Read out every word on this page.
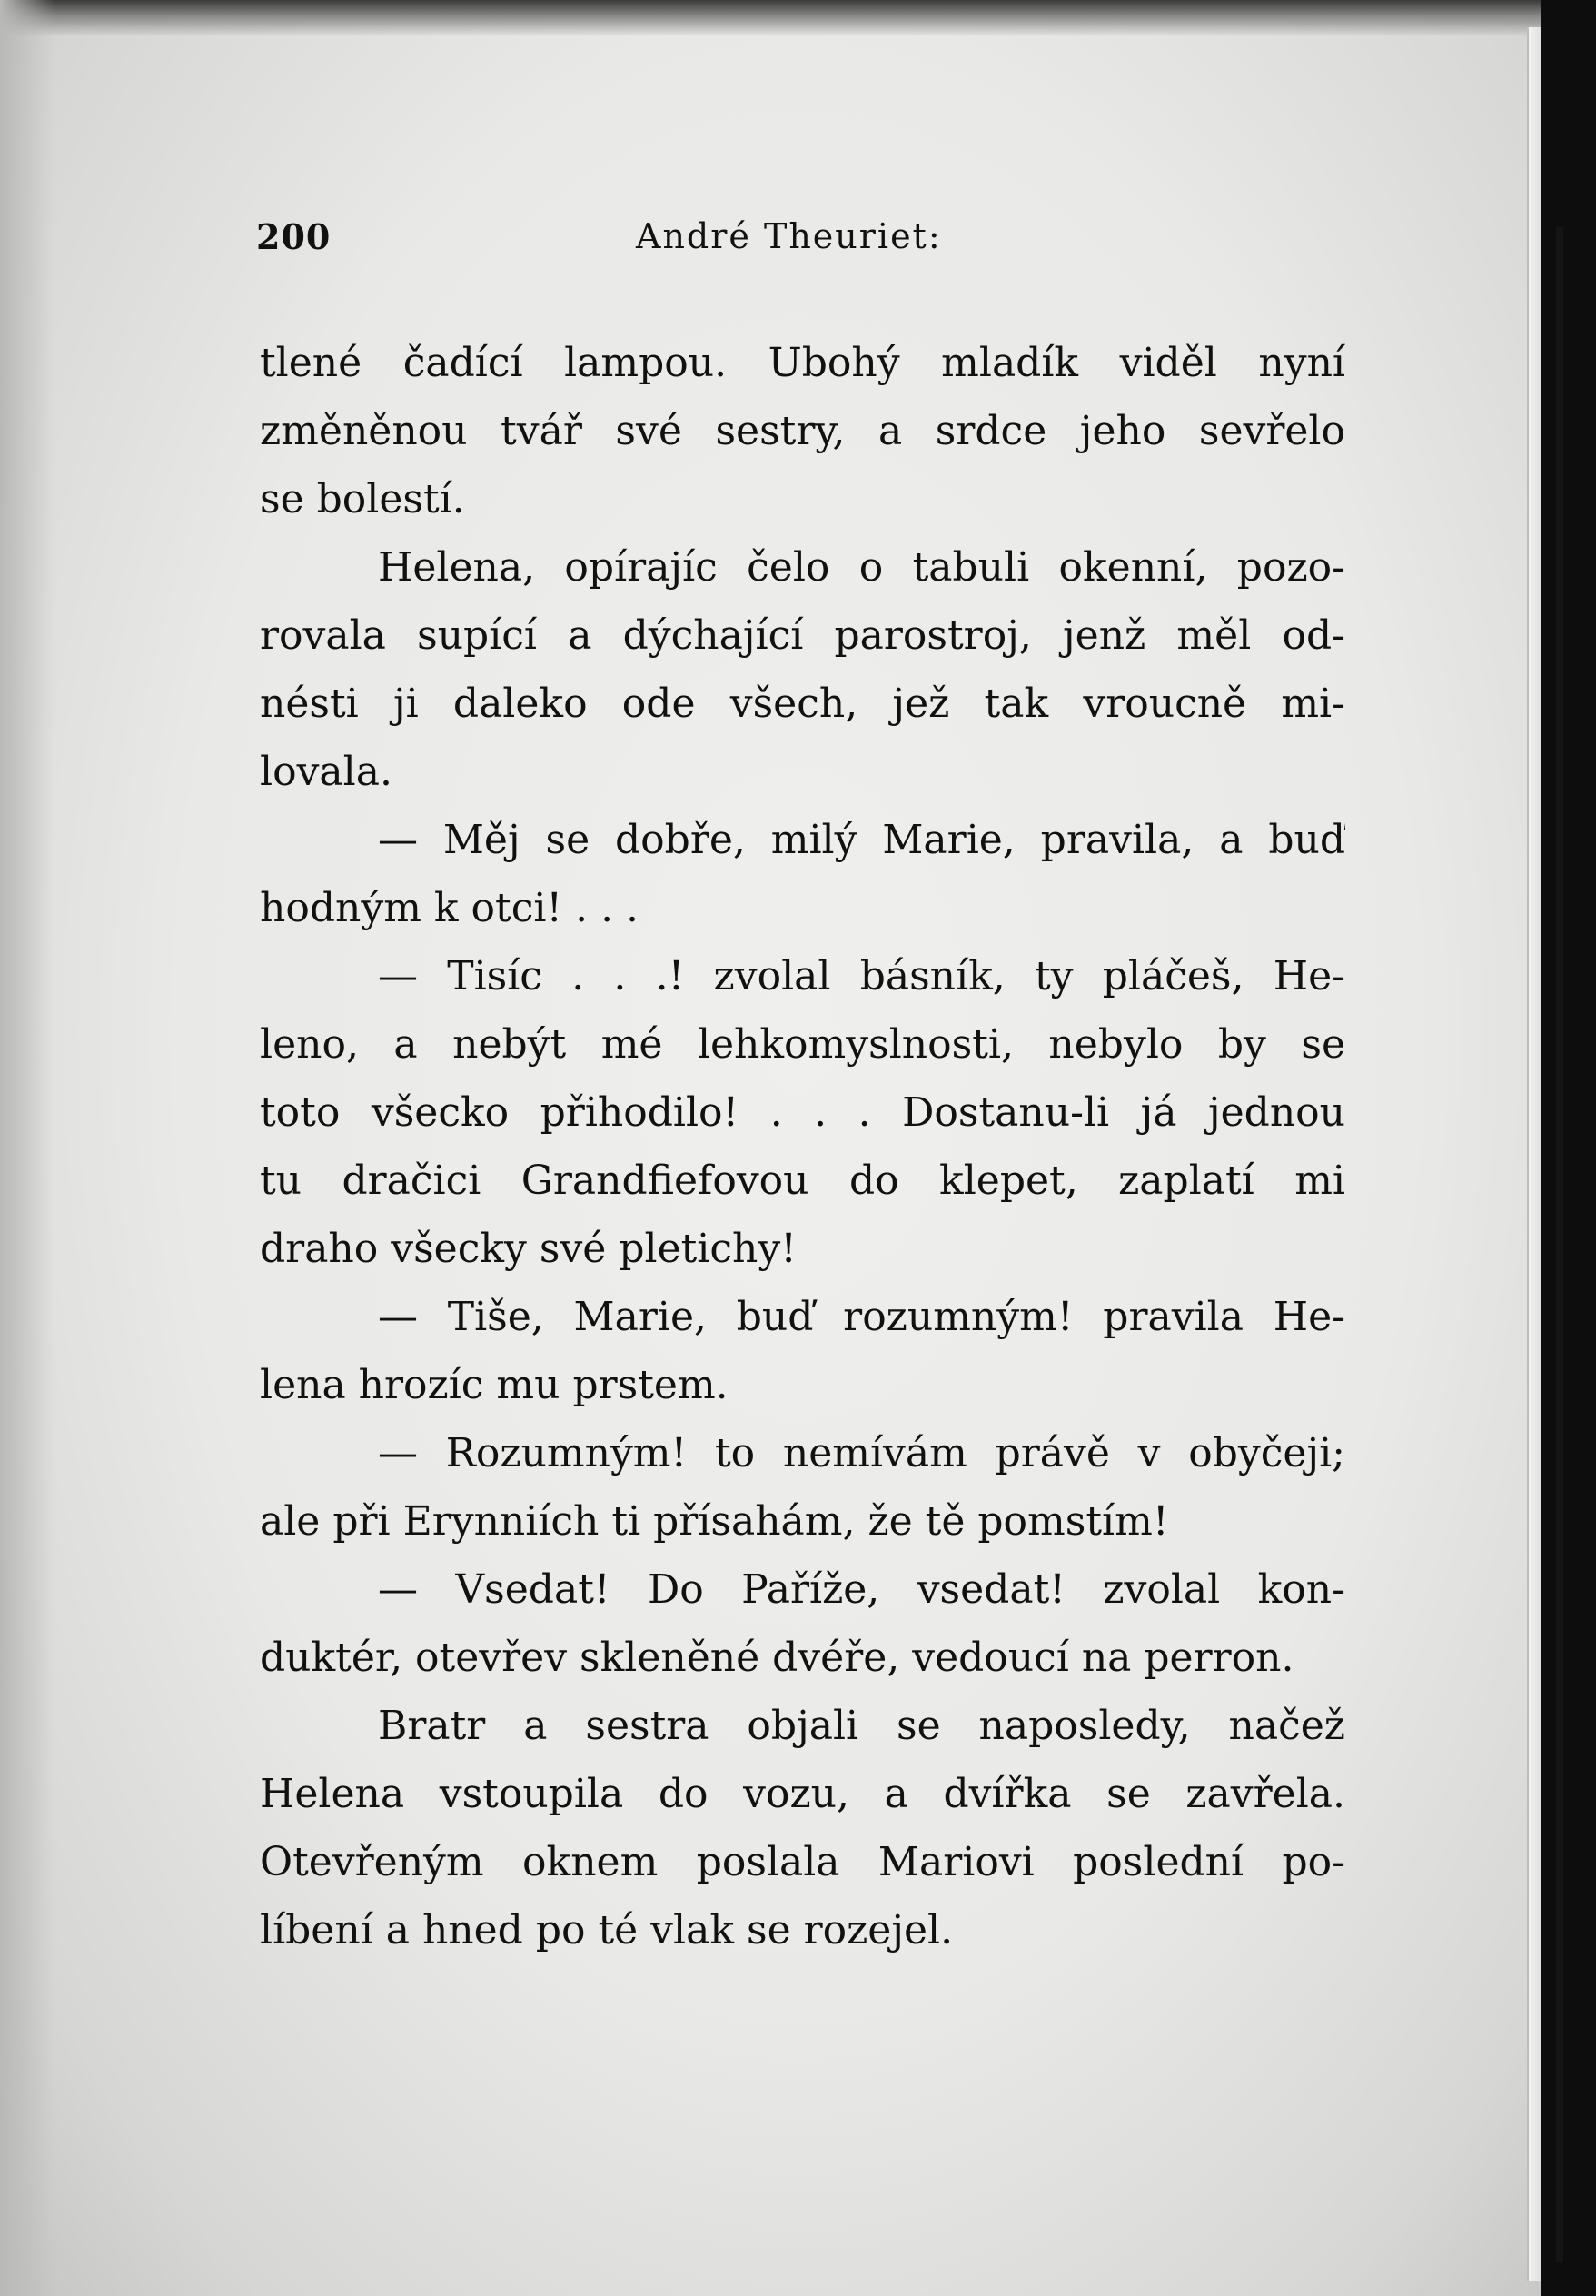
200	André Theuriet:
tlené čadící lampou. Ubohý mladík viděl nyní
změněnou tvář své sestry, a srdce jeho sevřelo
se bolestí.
Helena, opírajíc čelo o tabuli okenní, pozo-
rovala supící a dýchající parostroj, jenž měl od-
nésti ji daleko ode všech, jež tak vroucně mi-
lovala.
— Měj se dobře, milý Marie, pravila, a buď
hodným k otci! . . .
— Tisíc . . .! zvolal básník, ty pláčeš, He-
leno, a nebýt mé lehkomyslnosti, nebylo by se
toto všecko přihodilo! . . . Dostanu-li já jednou
tu dračici Grandfiefovou do klepet, zaplatí mi
draho všecky své pletichy!
— Tiše, Marie, buď rozumným! pravila He-
lena hrozíc mu prstem.
— Rozumným! to nemívám právě v obyčeji;
ale při Erynniích ti přísahám, že tě pomstím!
— Vsedat! Do Paříže, vsedat! zvolal kon-
duktér, otevřev skleněné dvéře, vedoucí na perron.
Bratr a sestra objali se naposledy, načež
Helena vstoupila do vozu, a dvířka se zavřela.
Otevřeným oknem poslala Mariovi poslední po-
líbení a hned po té vlak se rozejel.
